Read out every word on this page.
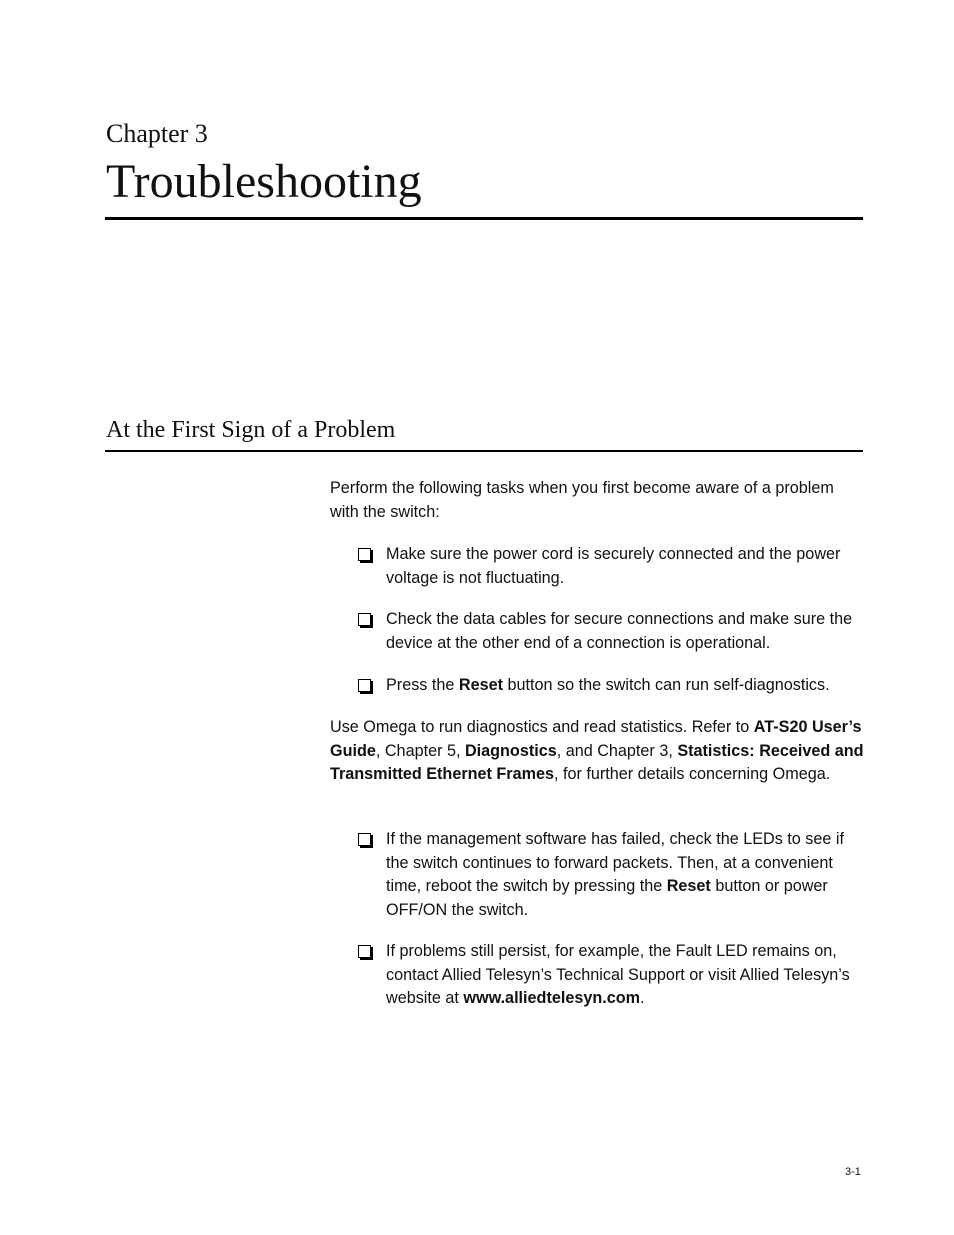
Chapter 3
Troubleshooting
At the First Sign of a Problem

Perform the following tasks when you first become aware of a problem with the switch:

Make sure the power cord is securely connected and the power voltage is not fluctuating.
Check the data cables for secure connections and make sure the device at the other end of a connection is operational.
Press the Reset button so the switch can run self-diagnostics.

Use Omega to run diagnostics and read statistics. Refer to AT-S20 User’s Guide, Chapter 5, Diagnostics, and Chapter 3, Statistics: Received and Transmitted Ethernet Frames, for further details concerning Omega.

If the management software has failed, check the LEDs to see if the switch continues to forward packets. Then, at a convenient time, reboot the switch by pressing the Reset button or power OFF/ON the switch.
If problems still persist, for example, the Fault LED remains on, contact Allied Telesyn’s Technical Support or visit Allied Telesyn’s website at www.alliedtelesyn.com.
3-1
